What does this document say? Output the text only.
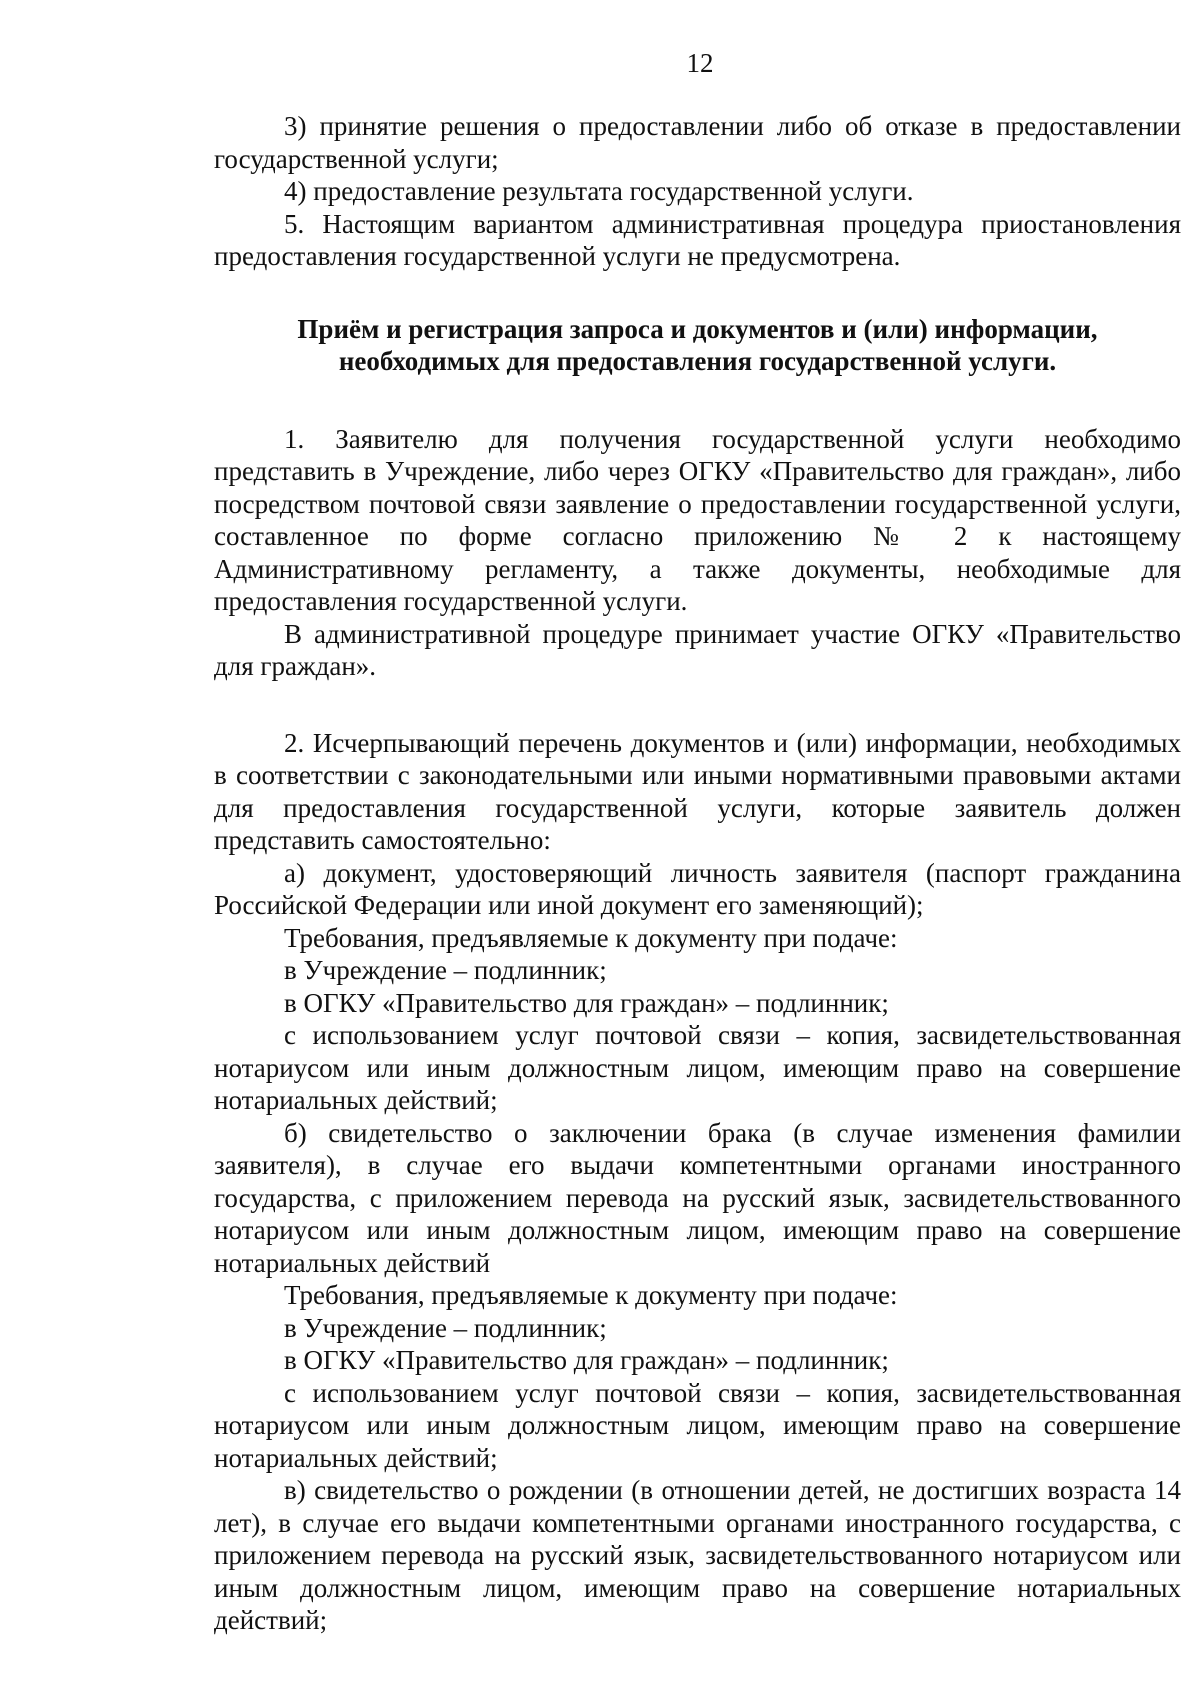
12

3) принятие решения о предоставлении либо об отказе в предоставлении государственной услуги;

4) предоставление результата государственной услуги.

5. Настоящим вариантом административная процедура приостановления предоставления государственной услуги не предусмотрена.

Приём и регистрация запроса и документов и (или) информации,
необходимых для предоставления государственной услуги.

1. Заявителю для получения государственной услуги необходимо представить в Учреждение, либо через ОГКУ «Правительство для граждан», либо посредством почтовой связи заявление о предоставлении государственной услуги, составленное по форме согласно приложению № 2 к настоящему Административному регламенту, а также документы, необходимые для предоставления государственной услуги.

В административной процедуре принимает участие ОГКУ «Правительство для граждан».

2. Исчерпывающий перечень документов и (или) информации, необходимых в соответствии с законодательными или иными нормативными правовыми актами для предоставления государственной услуги, которые заявитель должен представить самостоятельно:

а) документ, удостоверяющий личность заявителя (паспорт гражданина Российской Федерации или иной документ его заменяющий);

Требования, предъявляемые к документу при подаче:

в Учреждение – подлинник;

в ОГКУ «Правительство для граждан» – подлинник;

с использованием услуг почтовой связи – копия, засвидетельствованная нотариусом или иным должностным лицом, имеющим право на совершение нотариальных действий;

б) свидетельство о заключении брака (в случае изменения фамилии заявителя), в случае его выдачи компетентными органами иностранного государства, с приложением перевода на русский язык, засвидетельствованного нотариусом или иным должностным лицом, имеющим право на совершение нотариальных действий

Требования, предъявляемые к документу при подаче:

в Учреждение – подлинник;

в ОГКУ «Правительство для граждан» – подлинник;

с использованием услуг почтовой связи – копия, засвидетельствованная нотариусом или иным должностным лицом, имеющим право на совершение нотариальных действий;

в) свидетельство о рождении (в отношении детей, не достигших возраста 14 лет), в случае его выдачи компетентными органами иностранного государства, с приложением перевода на русский язык, засвидетельствованного нотариусом или иным должностным лицом, имеющим право на совершение нотариальных действий;
